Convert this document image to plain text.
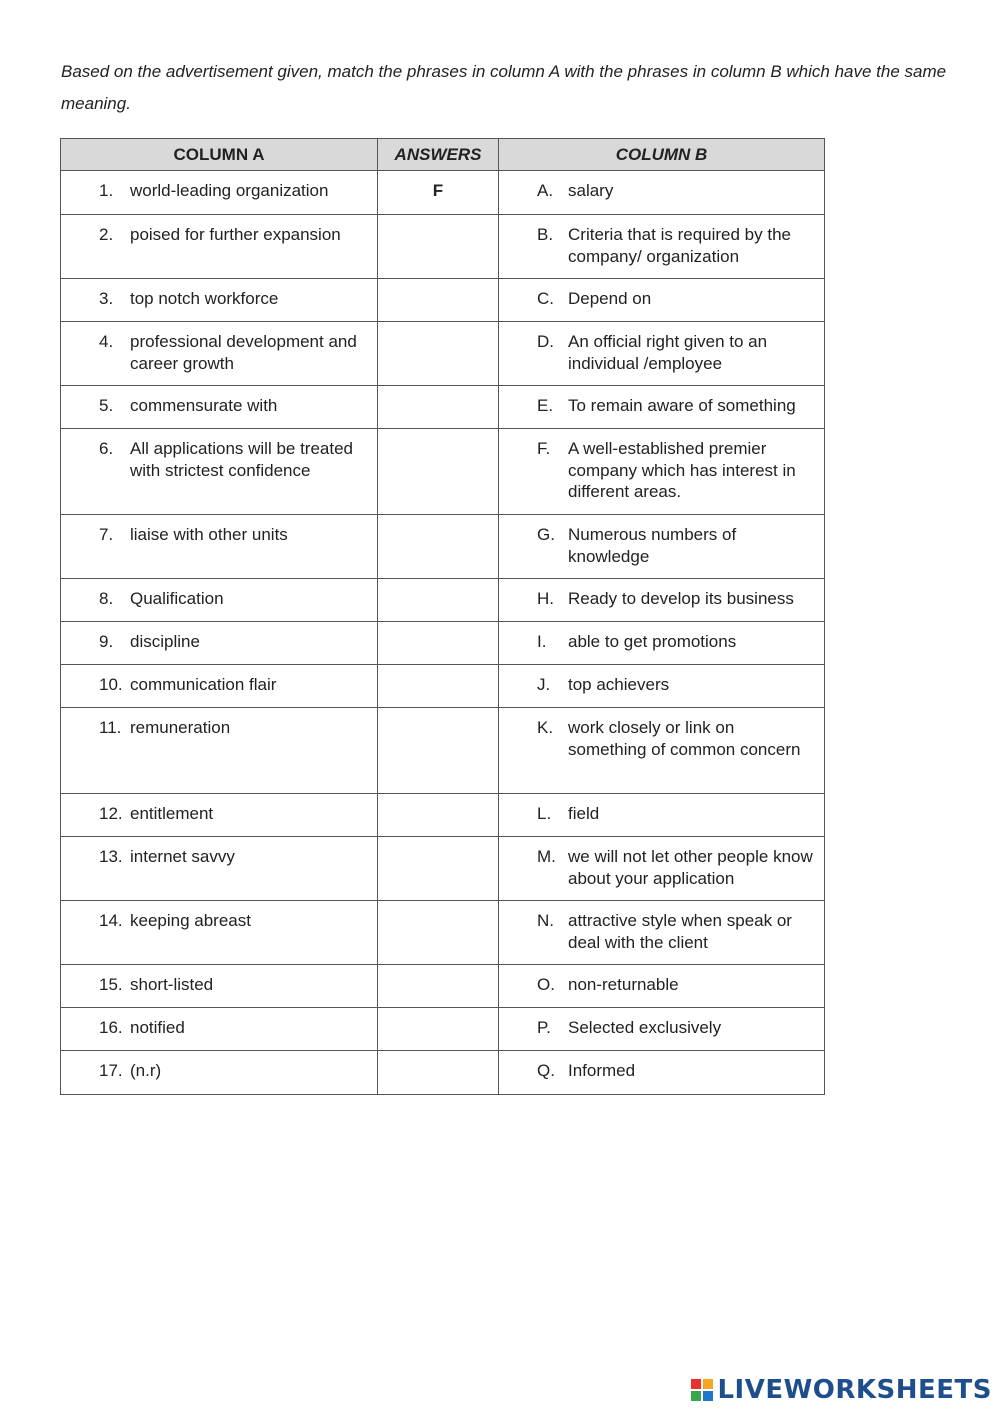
Based on the advertisement given, match the phrases in column A with the phrases in column B which have the same meaning.

COLUMN A	ANSWERS	COLUMN B

1. world-leading organization	F	A. salary

2. poised for further expansion		B. Criteria that is required by the company/ organization

3. top notch workforce		C. Depend on

4. professional development and career growth		D. An official right given to an individual /employee

5. commensurate with		E. To remain aware of something

6. All applications will be treated with strictest confidence		F. A well-established premier company which has interest in different areas.

7. liaise with other units		G. Numerous numbers of knowledge

8. Qualification		H. Ready to develop its business

9. discipline		I. able to get promotions

10. communication flair		J. top achievers

11. remuneration		K. work closely or link on something of common concern

12. entitlement		L. field

13. internet savvy		M. we will not let other people know about your application

14. keeping abreast		N. attractive style when speak or deal with the client

15. short-listed		O. non-returnable

16. notified		P. Selected exclusively

17. (n.r)		Q. Informed
LIVEWORKSHEETS
